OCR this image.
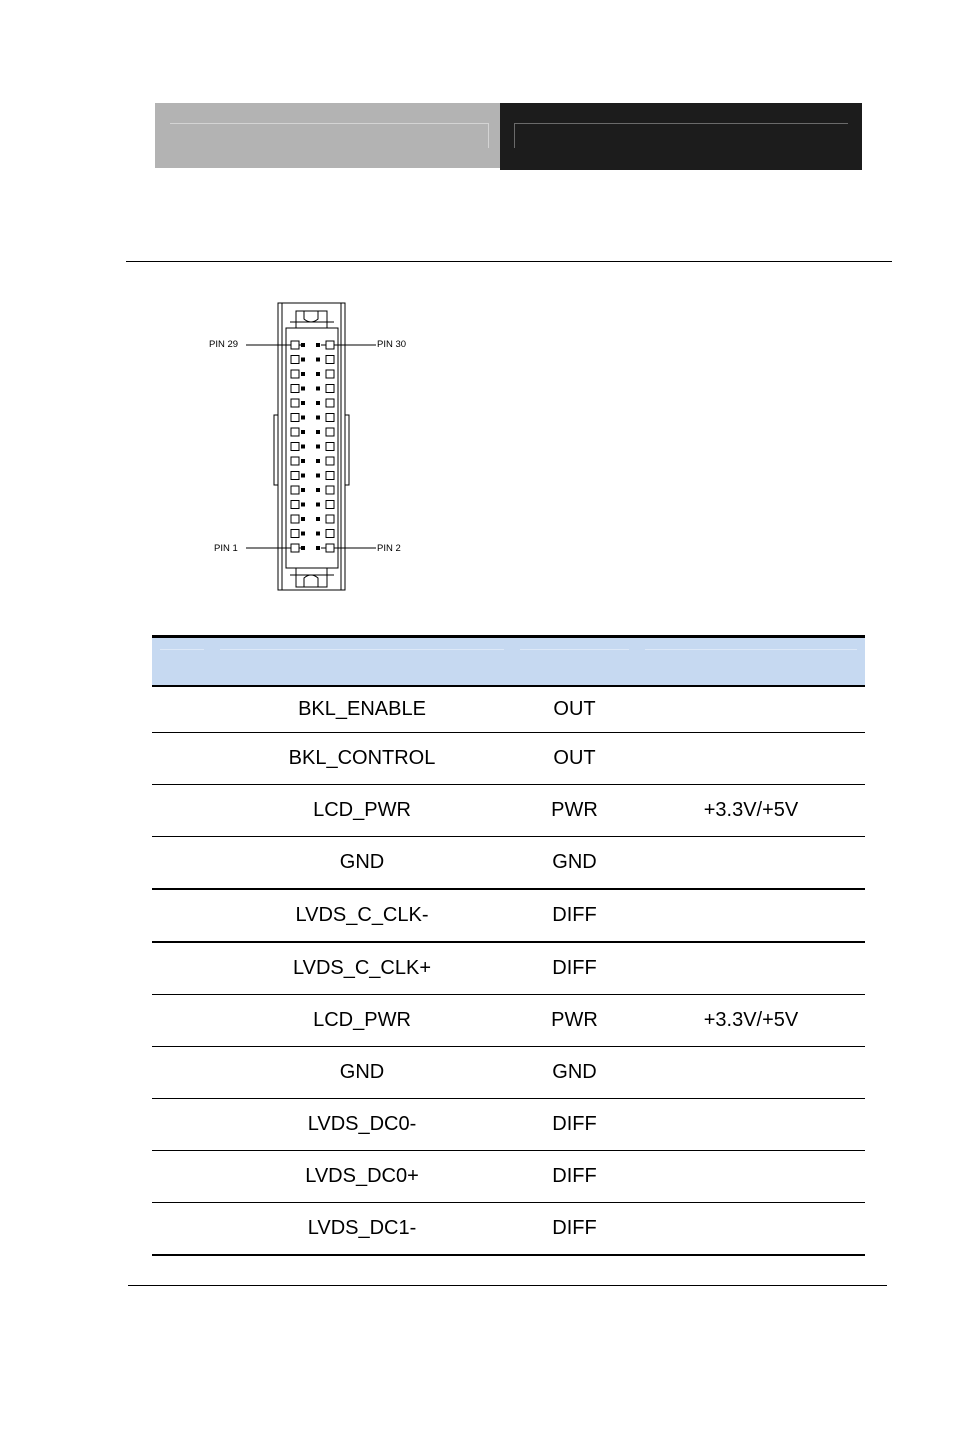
PIN 29	PIN 30
PIN 1	PIN 2

	BKL_ENABLE	OUT	
	BKL_CONTROL	OUT	
	LCD_PWR	PWR	+3.3V/+5V
	GND	GND	
	LVDS_C_CLK-	DIFF	
	LVDS_C_CLK+	DIFF	
	LCD_PWR	PWR	+3.3V/+5V
	GND	GND	
	LVDS_DC0-	DIFF	
	LVDS_DC0+	DIFF	
	LVDS_DC1-	DIFF	
